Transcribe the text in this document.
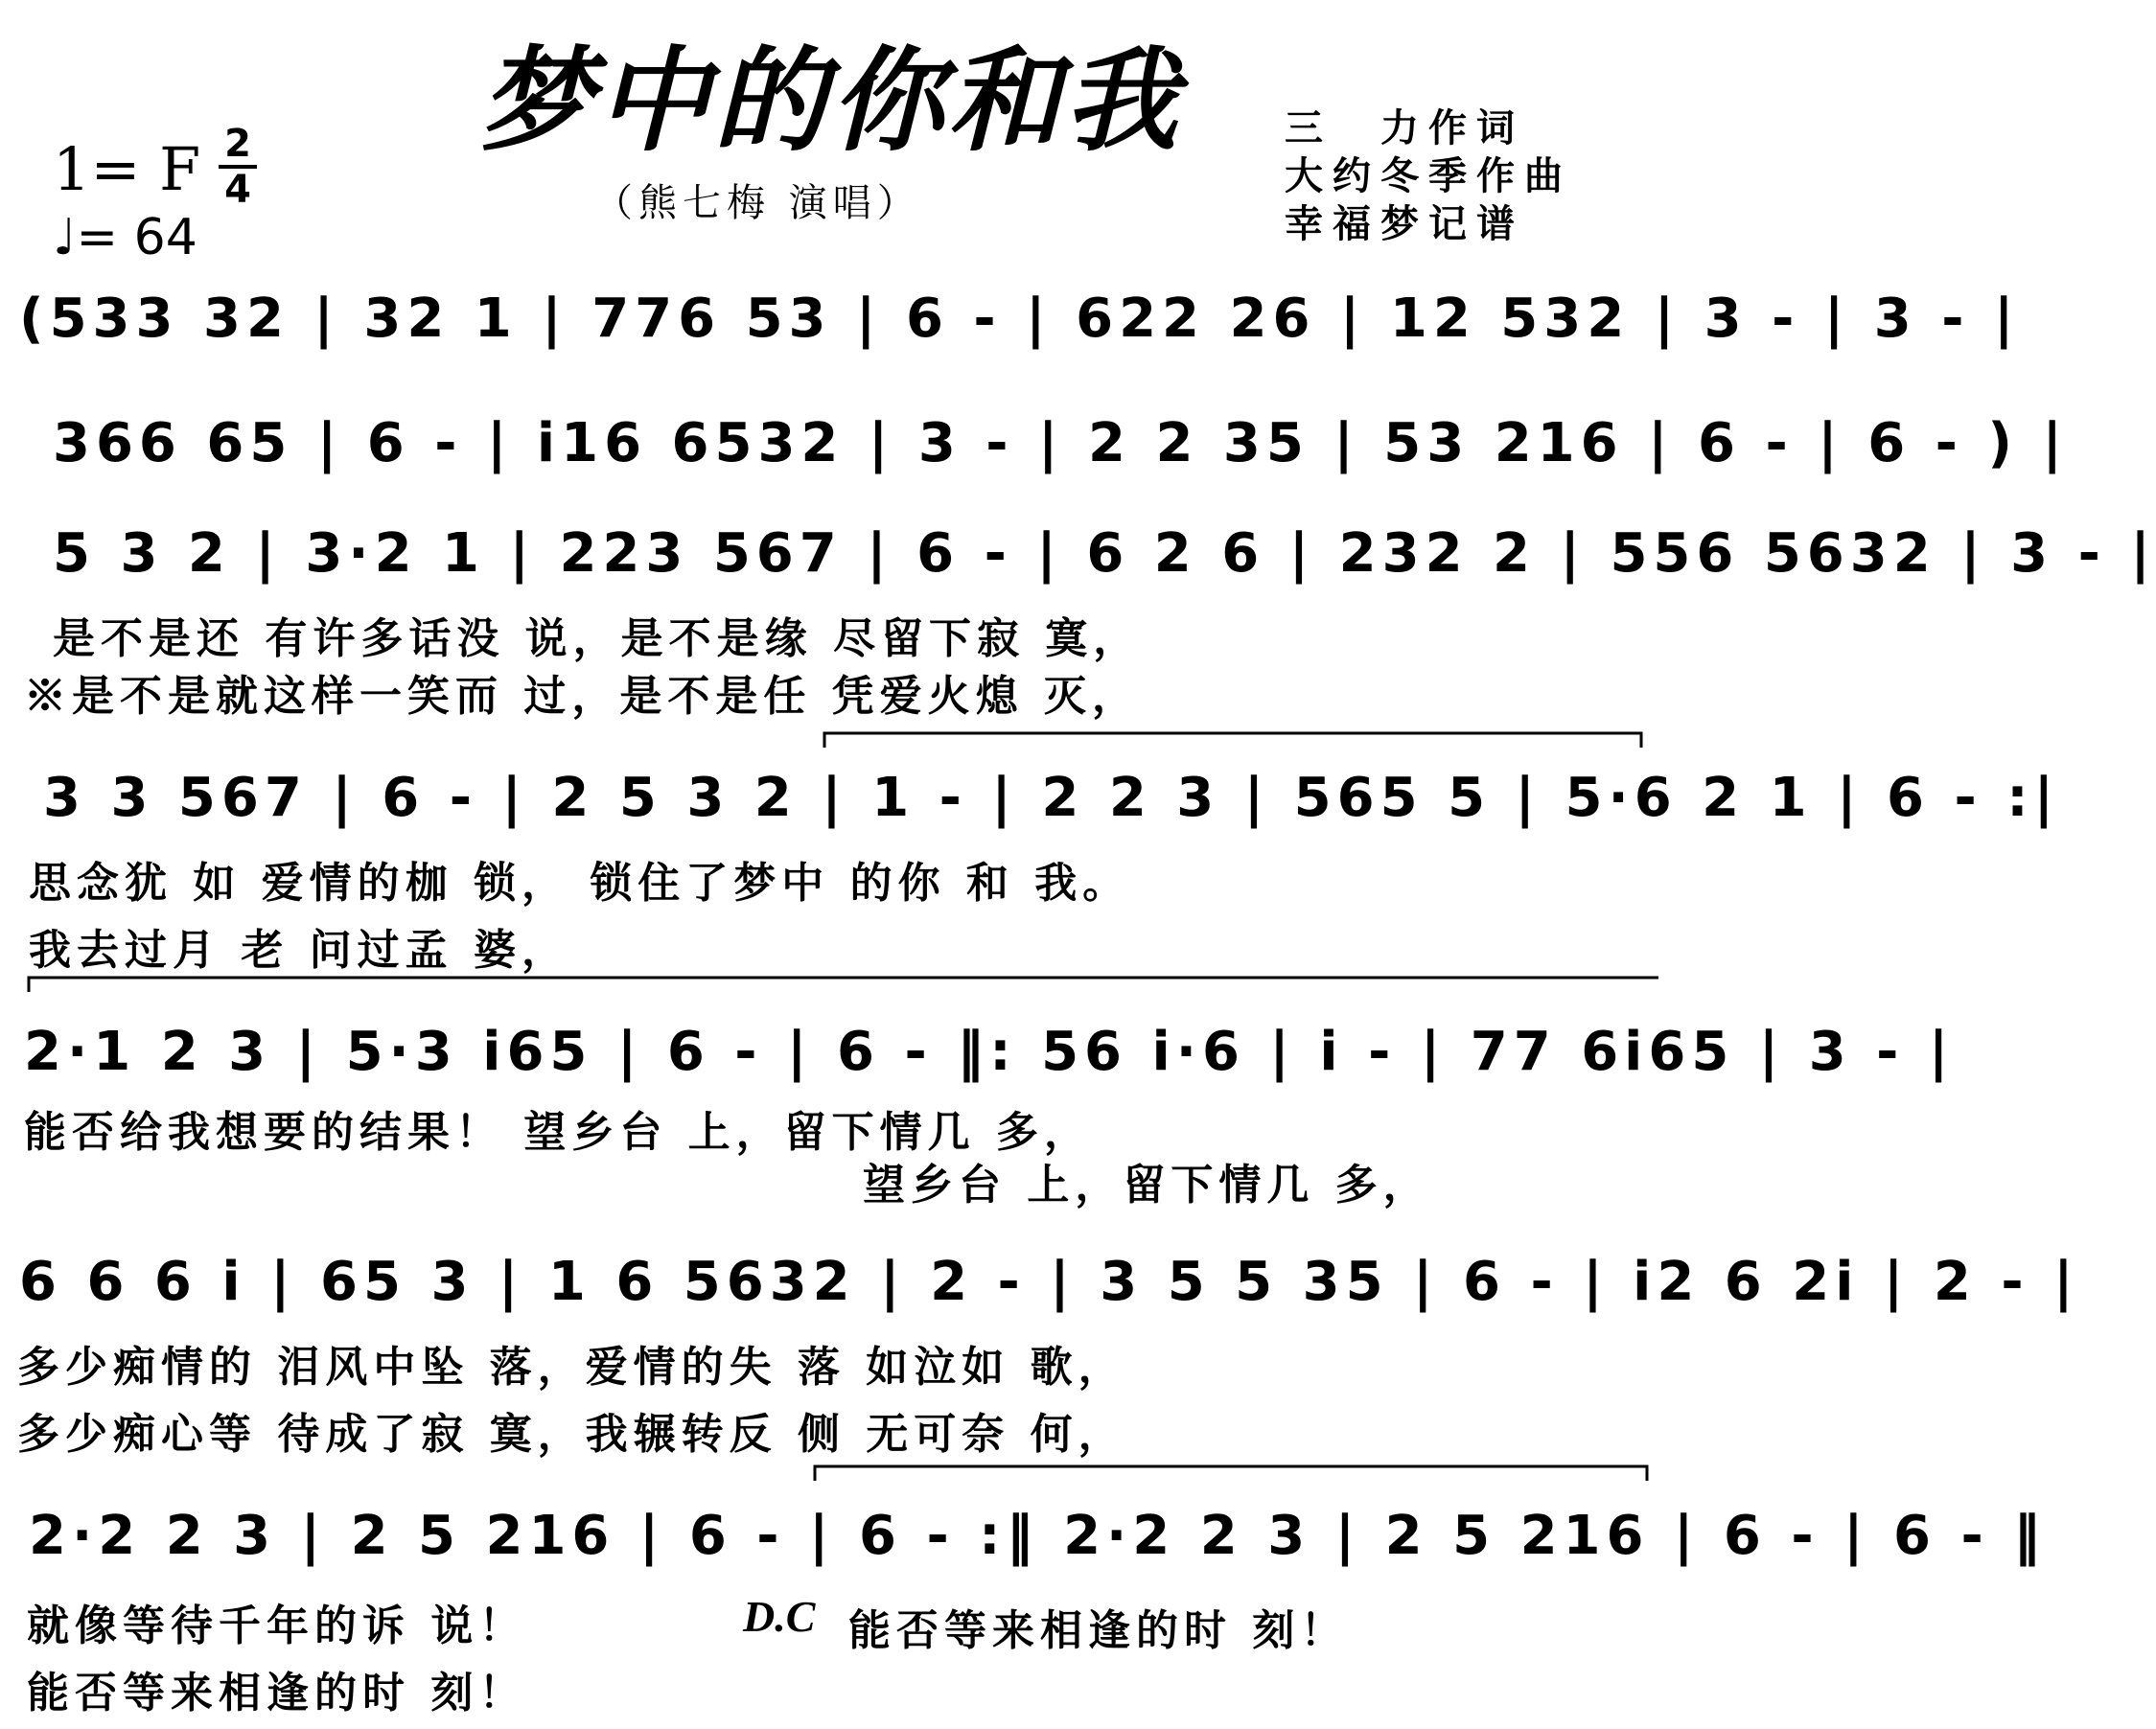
梦中的你和我
（熊七梅 演唱）
三　力作词
大约冬季作曲
幸福梦记谱
1= F 2
4
♩= 64
(533 32 | 32 1 | 776 53 | 6 - | 622 26 | 12 532 | 3 - | 3 - |
366 65 | 6 - | i16 6532 | 3 - | 2 2 35 | 53 216 | 6 - | 6 - ) |
5 3 2 | 3·2 1 | 223 567 | 6 - | 6 2 6 | 232 2 | 556 5632 | 3 - |
是不是还 有许多话没 说，是不是缘 尽留下寂 寞，
※是不是就这样一笑而 过，是不是任 凭爱火熄 灭，
3 3 567 | 6 - | 2 5 3 2 | 1 - | 2 2 3 | 565 5 | 5·6 2 1 | 6 - :|
思念犹 如 爱情的枷 锁， 锁住了梦中 的你 和 我。
我去过月 老 问过孟 婆，
2·1 2 3 | 5·3 i65 | 6 - | 6 - ‖: 56 i·6 | i - | 77 6i65 | 3 - |
能否给我想要的结果！ 望乡台 上，留下情几 多，
望乡台 上，留下情几 多，
6 6 6 i | 65 3 | 1 6 5632 | 2 - | 3 5 5 35 | 6 - | i2 6 2i | 2 - |
多少痴情的 泪风中坠 落，爱情的失 落 如泣如 歌，
多少痴心等 待成了寂 寞，我辗转反 侧 无可奈 何，
2·2 2 3 | 2 5 216 | 6 - | 6 - :‖ 2·2 2 3 | 2 5 216 | 6 - | 6 - ‖
就像等待千年的诉 说！
能否等来相逢的时 刻！
D.C 能否等来相逢的时 刻！
